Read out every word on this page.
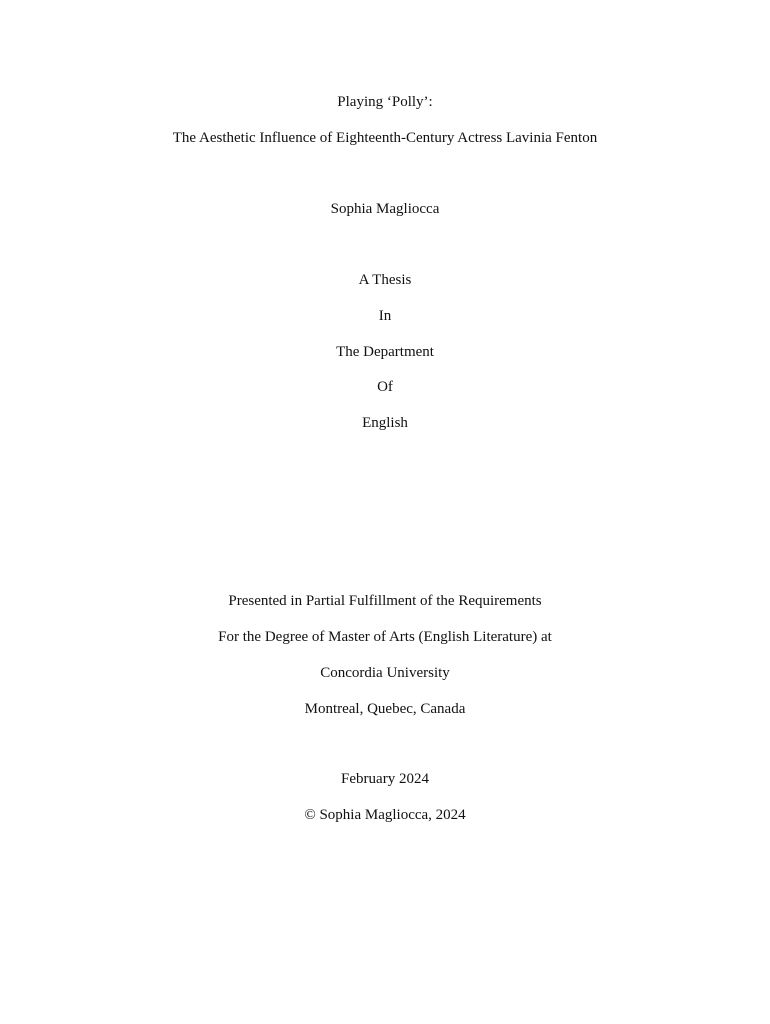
Playing ‘Polly’:
The Aesthetic Influence of Eighteenth-Century Actress Lavinia Fenton
Sophia Magliocca
A Thesis
In
The Department
Of
English
Presented in Partial Fulfillment of the Requirements
For the Degree of Master of Arts (English Literature) at
Concordia University
Montreal, Quebec, Canada
February 2024
© Sophia Magliocca, 2024
